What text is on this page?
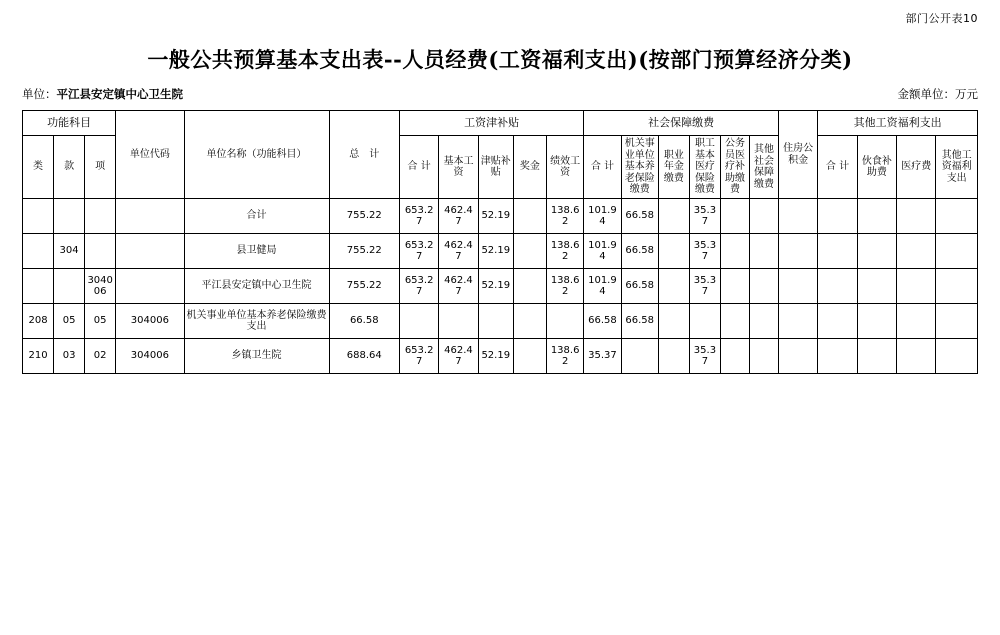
部门公开表10
一般公共预算基本支出表--人员经费(工资福利支出)(按部门预算经济分类)
单位：平江县安定镇中心卫生院	金额单位：万元
功能科目			单位代码	单位名称（功能科目）	总　计	工资津补贴					社会保障缴费						住房公积金	其他工资福利支出			
类	款	项				合 计	基本工资	津贴补贴	奖金	绩效工资	合 计	机关事业单位基本养老保险缴费	职业年金缴费	职工基本医疗保险缴费	公务员医疗补助缴费	其他社会保障缴费		合 计	伙食补助费	医疗费	其他工资福利支出
				合计	755.22	653.27	462.47	52.19		138.62	101.94	66.58		35.37							
	304			县卫健局	755.22	653.27	462.47	52.19		138.62	101.94	66.58		35.37							
		304006		平江县安定镇中心卫生院	755.22	653.27	462.47	52.19		138.62	101.94	66.58		35.37							
208	05	05	304006	机关事业单位基本养老保险缴费支出	66.58						66.58	66.58									
210	03	02	304006	乡镇卫生院	688.64	653.27	462.47	52.19		138.62	35.37			35.37							
